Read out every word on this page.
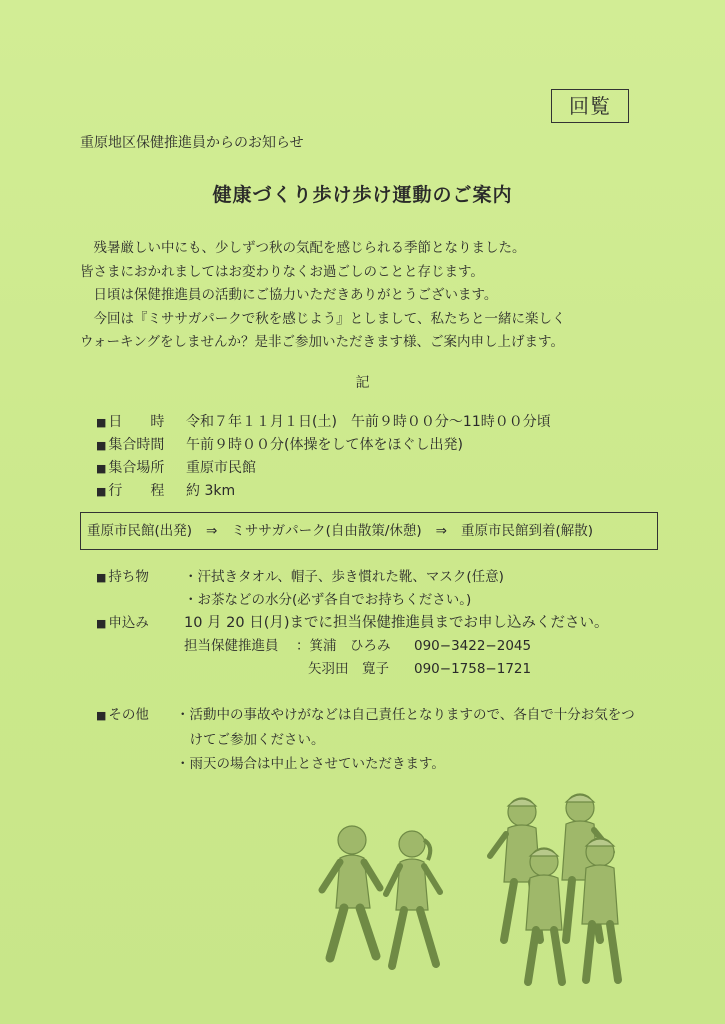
回覧
重原地区保健推進員からのお知らせ
健康づくり歩け歩け運動のご案内

　残暑厳しい中にも、少しずつ秋の気配を感じられる季節となりました。

皆さまにおかれましてはお変わりなくお過ごしのことと存じます。

　日頃は保健推進員の活動にご協力いただきありがとうございます。

　今回は『ミササガパークで秋を感じよう』としまして、私たちと一緒に楽しく

ウォーキングをしませんか？是非ご参加いただきます様、ご案内申し上げます。

記
■ 日　　時	令和７年１１月１日(土)　午前９時００分～11時００分頃
■ 集合時間	午前９時００分(体操をして体をほぐし出発)
■ 集合場所	重原市民館
■ 行　　程	約 3km
重原市民館(出発) ⇒ ミササガパーク(自由散策/休憩) ⇒ 重原市民館到着(解散)
■ 持ち物	・汗拭きタオル、帽子、歩き慣れた靴、マスク(任意)
・お茶などの水分(必ず各自でお持ちください。)
■ 申込み	10 月 20 日(月)までに担当保健推進員までお申し込みください。
担当保健推進員	：箕浦　ひろみ	090−3422−2045
矢羽田　寛子	090−1758−1721
■ その他	・活動中の事故やけがなどは自己責任となりますので、各自で十分お気をつ
　けてご参加ください。
・雨天の場合は中止とさせていただきます。
